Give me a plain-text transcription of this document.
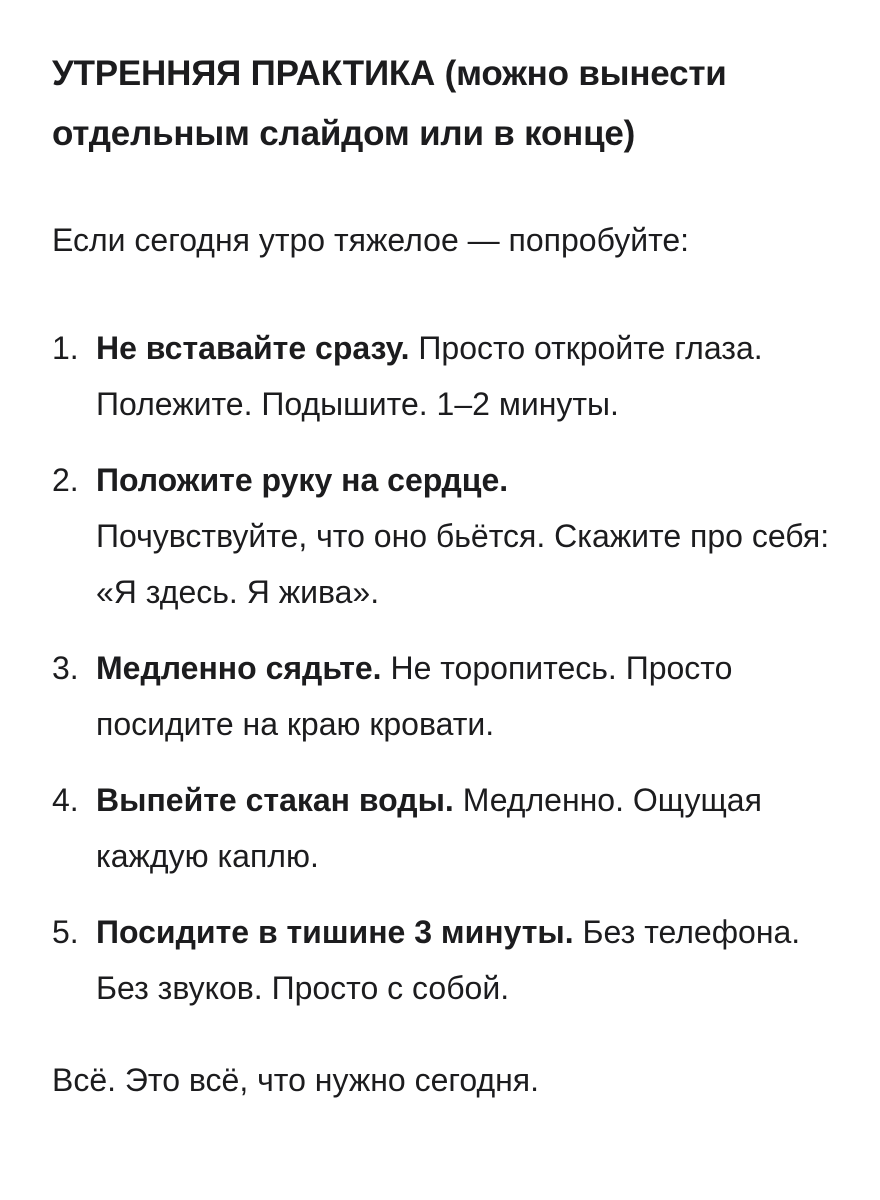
УТРЕННЯЯ ПРАКТИКА (можно вынести отдельным слайдом или в конце)

Если сегодня утро тяжелое — попробуйте:

1. Не вставайте сразу. Просто откройте глаза. Полежите. Подышите. 1–2 минуты.
2. Положите руку на сердце.
Почувствуйте, что оно бьётся. Скажите про себя: «Я здесь. Я жива».
3. Медленно сядьте. Не торопитесь. Просто посидите на краю кровати.
4. Выпейте стакан воды. Медленно. Ощущая каждую каплю.
5. Посидите в тишине 3 минуты. Без телефона. Без звуков. Просто с собой.

Всё. Это всё, что нужно сегодня.
